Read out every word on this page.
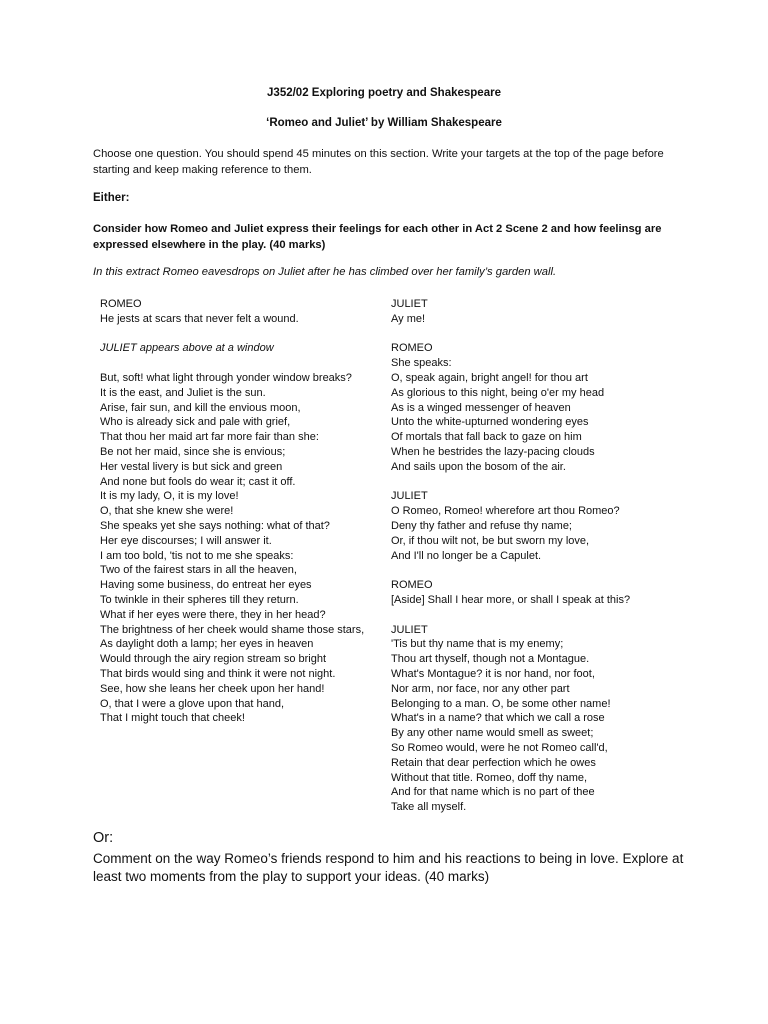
J352/02 Exploring poetry and Shakespeare
‘Romeo and Juliet’ by William Shakespeare

Choose one question. You should spend 45 minutes on this section. Write your targets at the top of the page before starting and keep making reference to them.

Either:

Consider how Romeo and Juliet express their feelings for each other in Act 2 Scene 2 and how feelinsg are expressed elsewhere in the play. (40 marks)

In this extract Romeo eavesdrops on Juliet after he has climbed over her family’s garden wall.

ROMEO
He jests at scars that never felt a wound.
JULIET appears above at a window
But, soft! what light through yonder window breaks?
It is the east, and Juliet is the sun.
Arise, fair sun, and kill the envious moon,
Who is already sick and pale with grief,
That thou her maid art far more fair than she:
Be not her maid, since she is envious;
Her vestal livery is but sick and green
And none but fools do wear it; cast it off.
It is my lady, O, it is my love!
O, that she knew she were!
She speaks yet she says nothing: what of that?
Her eye discourses; I will answer it.
I am too bold, 'tis not to me she speaks:
Two of the fairest stars in all the heaven,
Having some business, do entreat her eyes
To twinkle in their spheres till they return.
What if her eyes were there, they in her head?
The brightness of her cheek would shame those stars,
As daylight doth a lamp; her eyes in heaven
Would through the airy region stream so bright
That birds would sing and think it were not night.
See, how she leans her cheek upon her hand!
O, that I were a glove upon that hand,
That I might touch that cheek!
JULIET
Ay me!
ROMEO
She speaks:
O, speak again, bright angel! for thou art
As glorious to this night, being o'er my head
As is a winged messenger of heaven
Unto the white-upturned wondering eyes
Of mortals that fall back to gaze on him
When he bestrides the lazy-pacing clouds
And sails upon the bosom of the air.
JULIET
O Romeo, Romeo! wherefore art thou Romeo?
Deny thy father and refuse thy name;
Or, if thou wilt not, be but sworn my love,
And I'll no longer be a Capulet.
ROMEO
[Aside] Shall I hear more, or shall I speak at this?
JULIET
'Tis but thy name that is my enemy;
Thou art thyself, though not a Montague.
What's Montague? it is nor hand, nor foot,
Nor arm, nor face, nor any other part
Belonging to a man. O, be some other name!
What's in a name? that which we call a rose
By any other name would smell as sweet;
So Romeo would, were he not Romeo call'd,
Retain that dear perfection which he owes
Without that title. Romeo, doff thy name,
And for that name which is no part of thee
Take all myself.
Or:

Comment on the way Romeo’s friends respond to him and his reactions to being in love. Explore at least two moments from the play to support your ideas. (40 marks)
